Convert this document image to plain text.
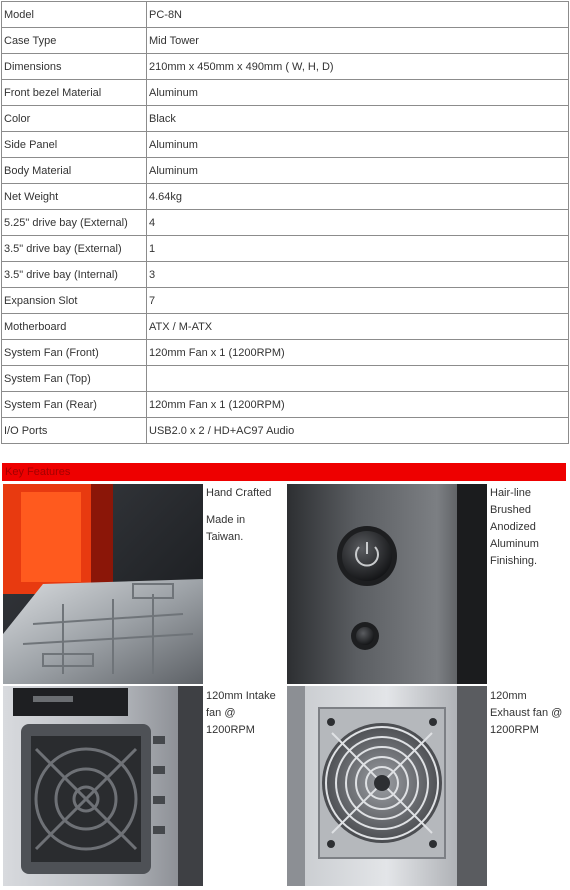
Model	PC-8N
Case Type	Mid Tower
Dimensions	210mm x 450mm x 490mm ( W, H, D)
Front bezel Material	Aluminum
Color	Black
Side Panel	Aluminum
Body Material	Aluminum
Net Weight	4.64kg
5.25" drive bay (External)	4
3.5" drive bay (External)	1
3.5" drive bay (Internal)	3
Expansion Slot	7
Motherboard	ATX / M-ATX
System Fan (Front)	120mm Fan x 1 (1200RPM)
System Fan (Top)	
System Fan (Rear)	120mm Fan x 1 (1200RPM)
I/O Ports	USB2.0 x 2 / HD+AC97 Audio
Key Features

Hand Crafted

Made in Taiwan.

Hair-line Brushed Anodized Aluminum Finishing.
120mm Intake fan @ 1200RPM
120mm Exhaust fan @ 1200RPM
